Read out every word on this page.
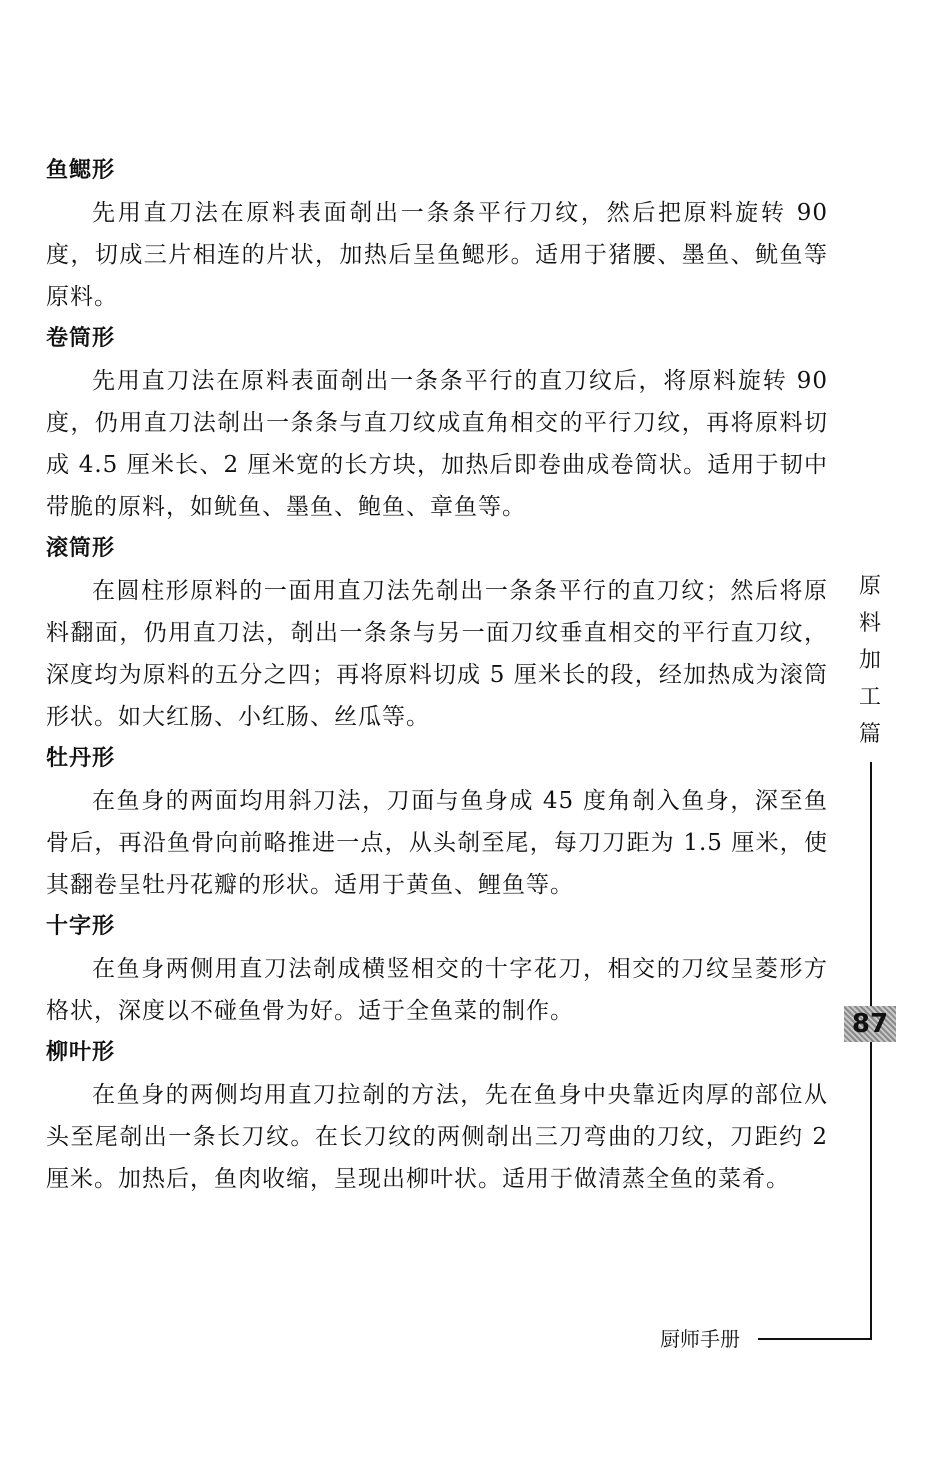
鱼鳃形

先用直刀法在原料表面剞出一条条平行刀纹，然后把原料旋转 90 度，切成三片相连的片状，加热后呈鱼鳃形。适用于猪腰、墨鱼、鱿鱼等原料。

卷筒形

先用直刀法在原料表面剞出一条条平行的直刀纹后，将原料旋转 90 度，仍用直刀法剞出一条条与直刀纹成直角相交的平行刀纹，再将原料切成 4.5 厘米长、2 厘米宽的长方块，加热后即卷曲成卷筒状。适用于韧中带脆的原料，如鱿鱼、墨鱼、鲍鱼、章鱼等。

滚筒形

在圆柱形原料的一面用直刀法先剞出一条条平行的直刀纹；然后将原料翻面，仍用直刀法，剞出一条条与另一面刀纹垂直相交的平行直刀纹，深度均为原料的五分之四；再将原料切成 5 厘米长的段，经加热成为滚筒形状。如大红肠、小红肠、丝瓜等。

牡丹形

在鱼身的两面均用斜刀法，刀面与鱼身成 45 度角剞入鱼身，深至鱼骨后，再沿鱼骨向前略推进一点，从头剞至尾，每刀刀距为 1.5 厘米，使其翻卷呈牡丹花瓣的形状。适用于黄鱼、鲤鱼等。

十字形

在鱼身两侧用直刀法剞成横竖相交的十字花刀，相交的刀纹呈菱形方格状，深度以不碰鱼骨为好。适于全鱼菜的制作。

柳叶形

在鱼身的两侧均用直刀拉剞的方法，先在鱼身中央靠近肉厚的部位从头至尾剞出一条长刀纹。在长刀纹的两侧剞出三刀弯曲的刀纹，刀距约 2 厘米。加热后，鱼肉收缩，呈现出柳叶状。适用于做清蒸全鱼的菜肴。

原
料
加
工
篇
87
厨师手册
